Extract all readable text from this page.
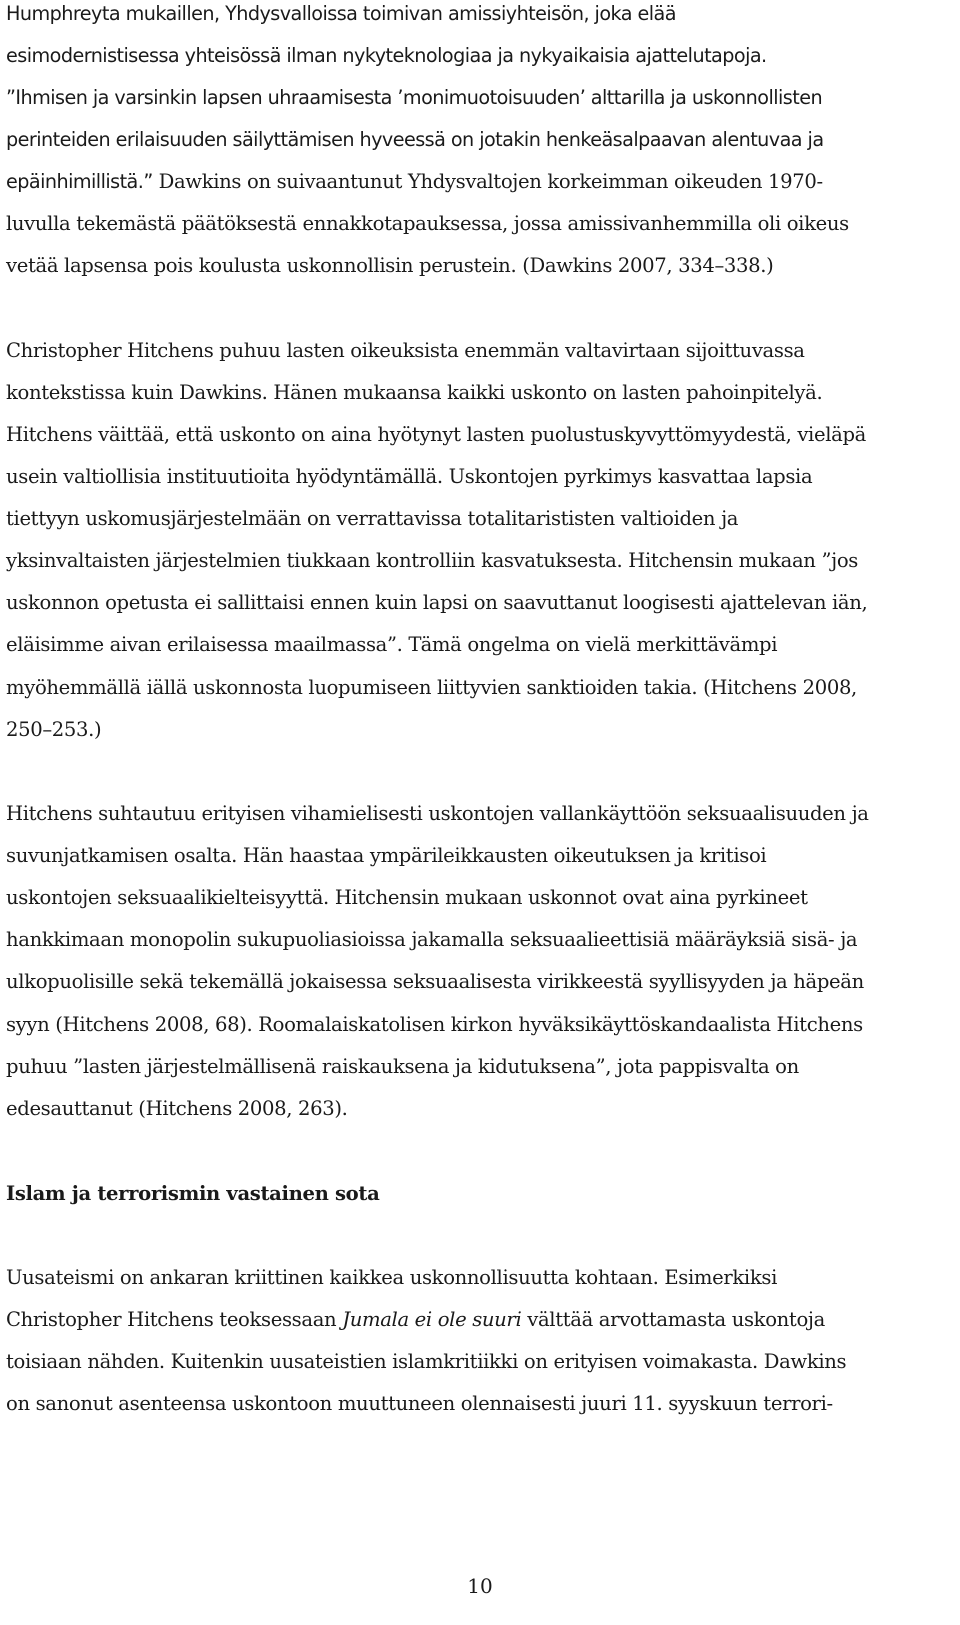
Humphreyta mukaillen, Yhdysvalloissa toimivan amissiyhteisön, joka elää
esimodernistisessa yhteisössä ilman nykyteknologiaa ja nykyaikaisia ajattelutapoja.
”Ihmisen ja varsinkin lapsen uhraamisesta ’monimuotoisuuden’ alttarilla ja uskonnollisten
perinteiden erilaisuuden säilyttämisen hyveessä on jotakin henkeäsalpaavan alentuvaa ja
epäinhimillistä.” Dawkins on suivaantunut Yhdysvaltojen korkeimman oikeuden 1970-
luvulla tekemästä päätöksestä ennakkotapauksessa, jossa amissivanhemmilla oli oikeus
vetää lapsensa pois koulusta uskonnollisin perustein. (Dawkins 2007, 334–338.)
Christopher Hitchens puhuu lasten oikeuksista enemmän valtavirtaan sijoittuvassa
kontekstissa kuin Dawkins. Hänen mukaansa kaikki uskonto on lasten pahoinpitelyä.
Hitchens väittää, että uskonto on aina hyötynyt lasten puolustuskyvyttömyydestä, vieläpä
usein valtiollisia instituutioita hyödyntämällä. Uskontojen pyrkimys kasvattaa lapsia
tiettyyn uskomusjärjestelmään on verrattavissa totalitarististen valtioiden ja
yksinvaltaisten järjestelmien tiukkaan kontrolliin kasvatuksesta. Hitchensin mukaan ”jos
uskonnon opetusta ei sallittaisi ennen kuin lapsi on saavuttanut loogisesti ajattelevan iän,
eläisimme aivan erilaisessa maailmassa”. Tämä ongelma on vielä merkittävämpi
myöhemmällä iällä uskonnosta luopumiseen liittyvien sanktioiden takia. (Hitchens 2008,
250–253.)
Hitchens suhtautuu erityisen vihamielisesti uskontojen vallankäyttöön seksuaalisuuden ja
suvunjatkamisen osalta. Hän haastaa ympärileikkausten oikeutuksen ja kritisoi
uskontojen seksuaalikielteisyyttä. Hitchensin mukaan uskonnot ovat aina pyrkineet
hankkimaan monopolin sukupuoliasioissa jakamalla seksuaalieettisiä määräyksiä sisä- ja
ulkopuolisille sekä tekemällä jokaisessa seksuaalisesta virikkeestä syyllisyyden ja häpeän
syyn (Hitchens 2008, 68). Roomalaiskatolisen kirkon hyväksikäyttöskandaalista Hitchens
puhuu ”lasten järjestelmällisenä raiskauksena ja kidutuksena”, jota pappisvalta on
edesauttanut (Hitchens 2008, 263).
Islam ja terrorismin vastainen sota
Uusateismi on ankaran kriittinen kaikkea uskonnollisuutta kohtaan. Esimerkiksi
Christopher Hitchens teoksessaan Jumala ei ole suuri välttää arvottamasta uskontoja
toisiaan nähden. Kuitenkin uusateistien islamkritiikki on erityisen voimakasta. Dawkins
on sanonut asenteensa uskontoon muuttuneen olennaisesti juuri 11. syyskuun terrori-
10
